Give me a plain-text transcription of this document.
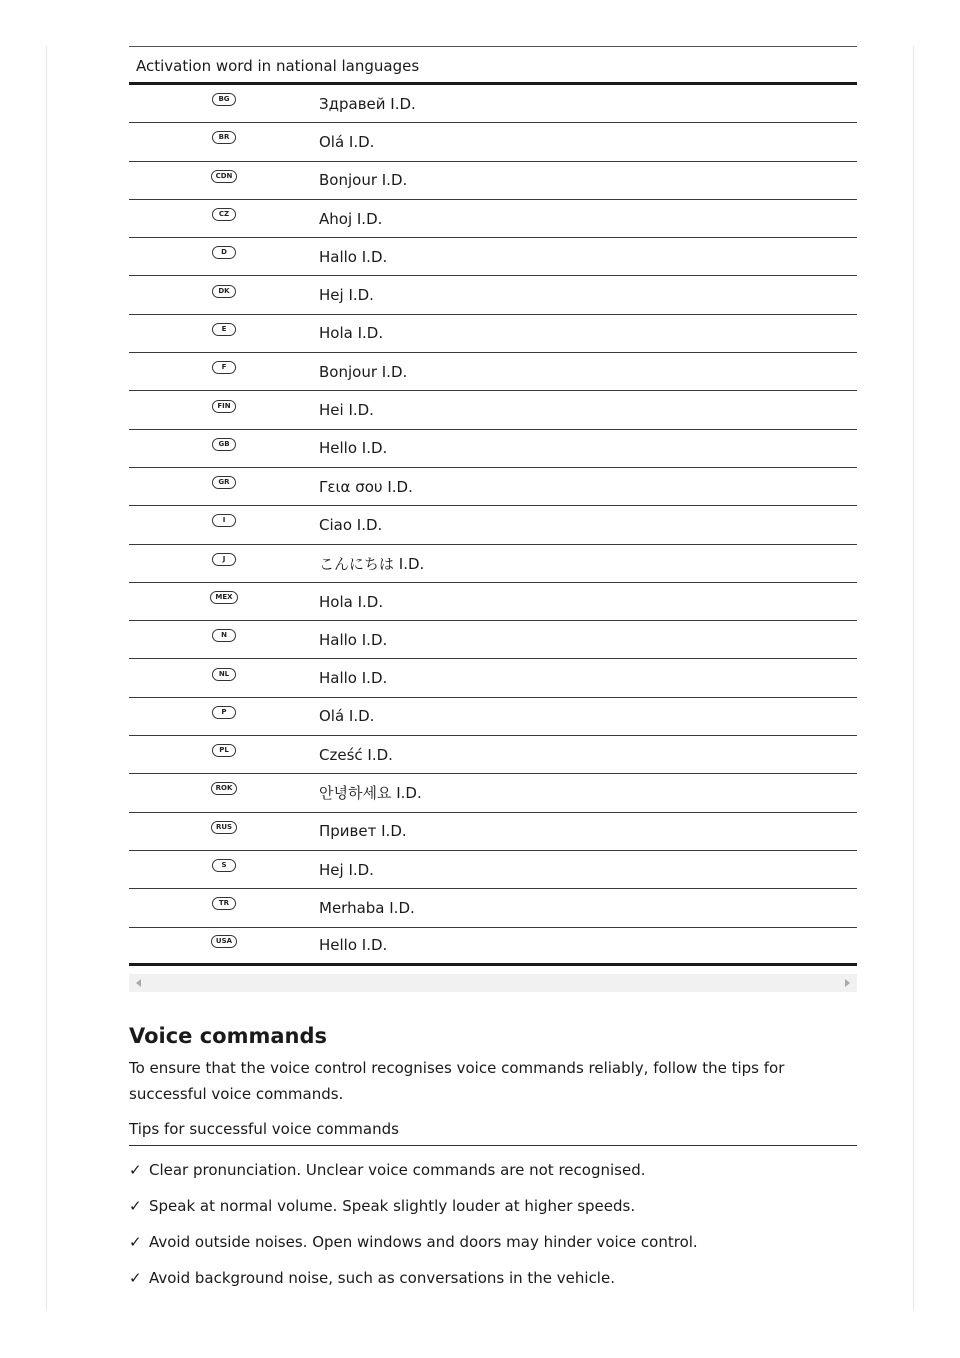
Activation word in national languages
BG	Здравей I.D.
BR	Olá I.D.
CDN	Bonjour I.D.
CZ	Ahoj I.D.
D	Hallo I.D.
DK	Hej I.D.
E	Hola I.D.
F	Bonjour I.D.
FIN	Hei I.D.
GB	Hello I.D.
GR	Γεια σου I.D.
I	Ciao I.D.
J	こんにちは I.D.
MEX	Hola I.D.
N	Hallo I.D.
NL	Hallo I.D.
P	Olá I.D.
PL	Cześć I.D.
ROK	안녕하세요 I.D.
RUS	Привет I.D.
S	Hej I.D.
TR	Merhaba I.D.
USA	Hello I.D.
Voice commands

To ensure that the voice control recognises voice commands reliably, follow the tips for successful voice commands.

Tips for successful voice commands
✓ Clear pronunciation. Unclear voice commands are not recognised.
✓ Speak at normal volume. Speak slightly louder at higher speeds.
✓ Avoid outside noises. Open windows and doors may hinder voice control.
✓ Avoid background noise, such as conversations in the vehicle.
